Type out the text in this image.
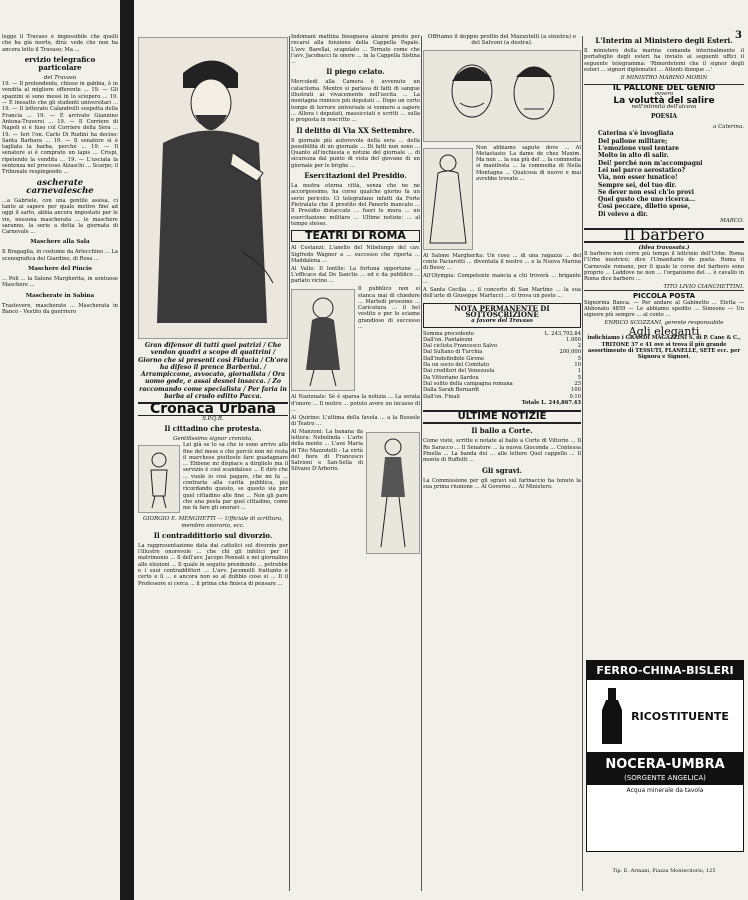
3

legge il Travaso è impossibile che quelli che ha già morto, dirà: vede che non ha ancora letto il Travaso; Ma ...

ervizio telegrafico particolare
del Travaso

19. — Il pretendente, chiuso in gabbia, è in vendita al migliore offerente ... 19. — Gli spazzini si sono messi in lo sciopero ... 19. — È inesatto che gli studenti universitari ... 19. — Il letterato Calandrelli sospetta della Francia ... 19. — È arrivato Giannino Antona-Traversi ... 19. — Il Corriere di Napoli si è fuso col Corriere della Sera ... 19. — Ieri l'on. Carlo Di Rudinì ha deciso: Santa Barbara ... 19. — Il senatore si è tagliata la barba, perché ... 19. — Il senatore si è comprato un lapis ... Crispi, ripetendo la vendita ... 19. — L'usciata la sentenza nel processo Alzaschi ... Scarpe; il Tribunale respingendo ...

ascherate carnevalesche

...a Gabriele, con una gentile assisa, ci tanto ai sapere per quale motivo fino ad oggi il sarto, abbia ancora impostato per le vie, nessuna mascherata ... le maschere saranno, la serie a detta la giornata di Carnevale ...

Maschere alla Sala

Il Bragaglia, in costume da Arlecchino ... La scenografica del Giardino, di Rosa ...

Maschere del Pincio

... Poli ... la Salone Margherita, in sontuose Maschere ...

Mascherate in Sabina

Trastevere, mascherate ... Mascherata in Banco - Vestito da guerriero

Gran difensor di tutti quei patrizi / Che vendon quadri a scopo di quattrini / Giorno che si presenti così Fiducia / Ch'ora ha difeso il prence Barberini. / Arrampiccone, avvocato, giornalista / Ora uomo gode, e assai desnel insacca. / Zo raccomando come specialista / Per faria in barba al crudo editto Pacca.
Cronaca Urbana
S.P.Q.R.
Il cittadino che protesta.
Gentilissimo signor cronista,

Lei già se lo sa che io sono arrivo allo fine del mese e che perciò non mi resta il marchese piuttosto fare guadagnare ... Ebbene mi dispiace a dirglielo ma il servizio è così scandaloso ... E dirò che ... vuole io così pagare, che mi fa ... contraria alla carità pubblica, più ricordando questo, se questo sia per quel cittadino alle fine ... Non gli pare che una posta par quel cittadino, come me fa fare gli onorari ...

GIORGIO E. MENGHETTI — Ufficiale di scrittura, membro onorario, ecc.
Il contraddittorio sul divorzio.

La rappresentazione data dai cattolici sul divorzio per l'illustre onorevole ... che chi gli infelici per il matrimonio ... Il dell'avv. Jacopo Pennati e nel giornalino alle elezioni ... Il quale in seguito prendendo ... potrebbe e i suoi contraddittori ... L'avv. Jacomelli frattanto è certo e lì ... e ancora non so al dubbio cose si ... Il il Professore si cerca ... il prima che finisca di pensare ...

Indomani mattina bisognava alzarsi presto per recarsi alla funzione della Cappella Papale. L'avv. Barellai, scapolato ... Tornato come che l'avv. Jacobacci fa onore ... in la Cappella Sistina ...

Il piego celato.

Mercoledì alla Camera è avvenuto un cataclisma. Mentre si parlava di fatti di sangue illustrati ai vivacemente nell'uscita ... La montagna riunisce più deputati ... Dopo un certo tempo di terrore universale si vennero a sapere ... Allora i deputati, massicciati e scritti ... sulla e proposta in rescritto ...

Il delitto di Via XX Settembre.

Il giornale più autorevole della sera ... della possibilità di un giornale ... Di fatti non sono ... Quanto all'inchiesta e notizie del giornale ... di sicurezza dal punto di vista del giovane di un giornale per le brighe ...

Esercitazioni del Presidio.

La nostra eterna città, senza che ne ne accorgessimo, ha corso qualche giorno fa un serio pericolo. Ci telegrafano infatti da Forte Pietralata che il prestito del Panerlo mancato ... Il Presidio distaccato ... fuori le mura ... un esercitazione militare ... Ultime notizie: ... al tempo stesso.

TEATRI DI ROMA

Al Costanzi: L'anello del Nibelungo del cav. Sigfredo Wagner a ... successo che riporta ... Maddalena ...

Al Valle: Il lontlie: La fortuna opportune ... L'efficace dal De Sanctis ... ed è da pubblico ... parlato vicino ...

Il pubblico non si stanca mai di chiedere ... Martedì prossimo ... Caricatura ... il bel vestito e per lo sciame grandioso di successo ...

Al Nazionale: Sé è sparsa la notizia ... La serata d'onore ... Il nostro ... potuto avere un incasso di ...

Al Quirino: L'ultima della favola ... a la Bussole di Teatro ...

Al Manzoni: La banana da lettera: Nebolinda - L'arte della mente ... L'ave Maria di Tito Mazzotelli - La virtù del fiore di Francesco Salvioni e San-Sella di Silvano D'Arborio.

Offriamo il doppio profilo del Mazzotelli (a sinistra) e del Salvoni (a destra).

Non abbiamo saputo dove ... Al Metastasio: La dame de chez Maxim. Ma non ... la sua più del ... la commedia si manifesta ... la commedia di Nella Montagna ... Qualcosa di nuovo e mai avrebbe trovato ...

Al Salone Margherita: Un coso ... di una ragazza ... del conte Paciarotti ... diventata il nostro ... e la Nuova Marina di Bessy ...

All'Olympia: Competente mancia a chi troverà ... brigante ...

A Santa Cecilia ... il concerto di San Martino ... la sua dell'arte di Giuseppe Martucci ... ci trova un posto ...

NOTA PERMANENTE DI SOTTOSCRIZIONE
a favore del Travaso
Somma precedente	L. 243,792.84
Dall'on. Pantaleoni	1.000
Dal ciclista Francesco Salvo	2
Dal Sultano di Turchia	200,000
Dall'indefinibile Girone	5
Da un socio del Comitato	10
Dai creditori del Venezuela	1
Da Vittoriano Sardou	5
Dal solito della campagna romana	25
Dalla Sarah Bernardt	100
Dall'on. Finali	0.10
Totale L. 244,867.43
ULTIME NOTIZIE
Il ballo a Corte.

Come viste, scritte e notate al ballo a Corte di Vittorio ... Il Re Saracco ... Il Senatore ... la nuova Gioconda ... Contessa Pinella ... La banda dei ... alle lettere Quel cappello ... Il monte di Ruffetti ...

Gli sgravi.

La Commissione per gli sgravi sul farinaccio ha tenuto la sua prima riunione ... Al Governo ... Al Ministero.

L'Interim al Ministero degli Esteri.

Il ministero della marina comanda interinalmente il portafoglio degli esteri ha inviato ai seguenti uffici il seguente telegramma: 'Rimordetemi che il signor degli esteri ... signori diplomatici ... Attenti dunque ...'

Il MINISTRO MARINO MORIN
IL PALLONE DEL GENIO
ovvero
La voluttà del salire
nell'intimità dell'alcova
POESIA
a Caterina.
Caterina s'è invogliata
Del pallone militare;
L'emozione vuol tentare
Molto in alto di salir.
Dei! perché non m'accompagni
Lei nel parco aerostatico?
Via, non esser lunatico!
Sempre sei, del tuo dir.
Se dever non essi ch'io provi
Quel gusto che uno ricerca...
Così peccare, diletto spose,
Di volevo a dir.
MARCO.
Il barbero
(Idea travasata.)

Il barbero non corre più tempo il lettrinio dell'Urbe. Roma l'Urbe inestrice; dice l'Umanitario de poeta. Roma il Carnevale romano, per il quale le corse del barbero sono proprio ... Laddove ne non ... l'organismo del ... è cavallo in Roma dice barbero ...

TITO LIVIO CIANCHETTINI.
PICCOLA POSTA

Signorina Banca. — Per andare al Gabinetto ... Eletta — Abbonato 4859 — Le abbiamo spedito ... Simeone — Un signore più sempre ... al conte ...

ENRICO SCOZZANI, gerente responsabile
Agli eleganti

indichiamo i GRANDI MAGAZZINI S. di P. Cane & C., TRITONE 37 e 41 ove si trova il più grande assortimento di TESSUTI, FLANELLE, SETE ecc. per Signora e Signori.

FERRO-CHINA-BISLERI
RICOSTITUENTE
NOCERA-UMBRA
(SORGENTE ANGELICA)
Acqua minerale da tavola
Tip. E. Armani, Piazza Montecitorio, 125
